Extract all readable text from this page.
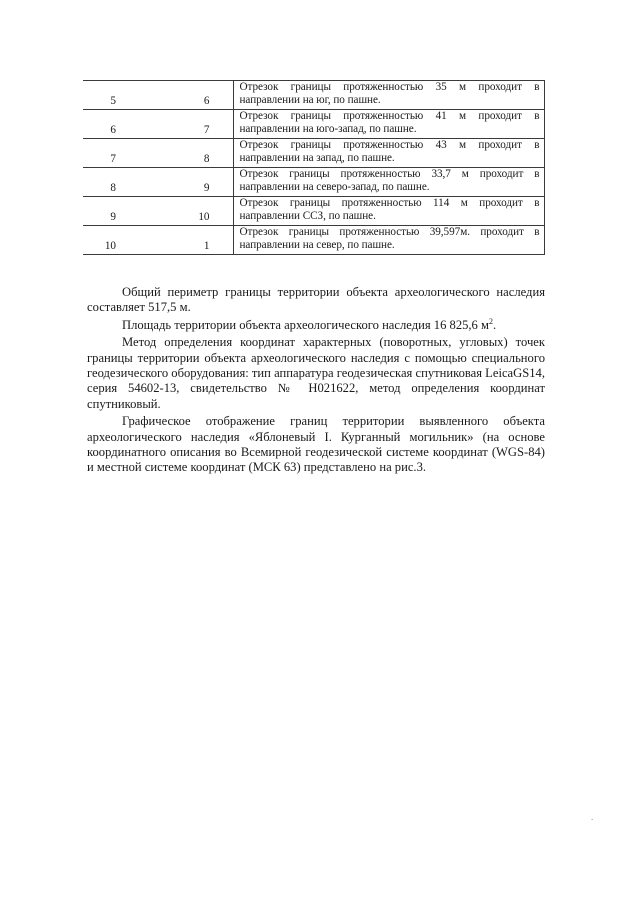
5	6	Отрезок границы протяженностью 35 м проходит в направлении на юг, по пашне.
6	7	Отрезок границы протяженностью 41 м проходит в направлении на юго-запад, по пашне.
7	8	Отрезок границы протяженностью 43 м проходит в направлении на запад, по пашне.
8	9	Отрезок границы протяженностью 33,7 м проходит в направлении на северо-запад, по пашне.
9	10	Отрезок границы протяженностью 114 м проходит в направлении ССЗ, по пашне.
10	1	Отрезок границы протяженностью 39,597м. проходит в направлении на север, по пашне.

Общий периметр границы территории объекта археологического наследия составляет 517,5 м.

Площадь территории объекта археологического наследия 16 825,6 $м^2$.

Метод определения координат характерных (поворотных, угловых) точек границы территории объекта археологического наследия с помощью специального геодезического оборудования: тип аппаратура геодезическая спутниковая LeicaGS14, серия 54602-13, свидетельство № Н021622, метод определения координат спутниковый.

Графическое отображение границ территории выявленного объекта археологического наследия «Яблоневый I. Курганный могильник» (на основе координатного описания во Всемирной геодезической системе координат (WGS-84) и местной системе координат (МСК 63) представлено на рис.3.

.
